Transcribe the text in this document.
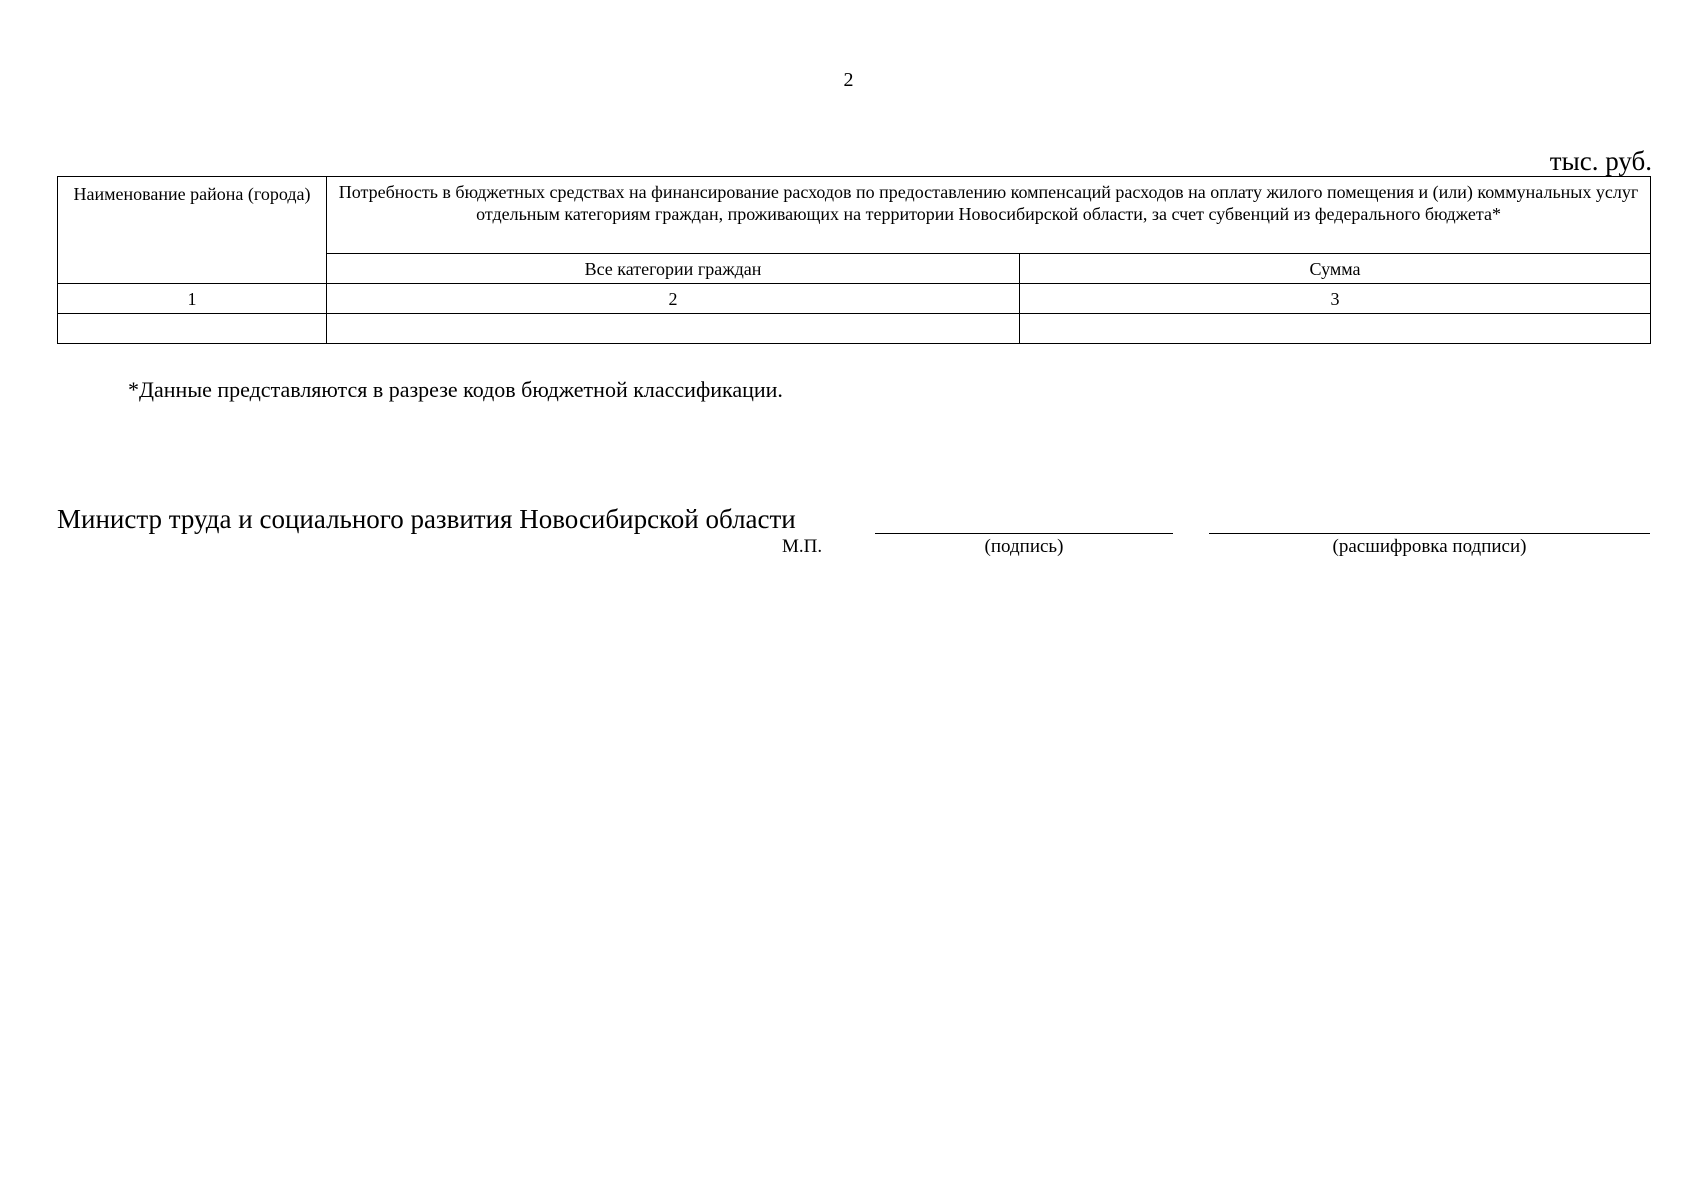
2
тыс. руб.
Наименование района (города)	Потребность в бюджетных средствах на финансирование расходов по предоставлению компенсаций расходов на оплату жилого помещения и (или) коммунальных услуг отдельным категориям граждан, проживающих на территории Новосибирской области, за счет субвенций из федерального бюджета*	
	Все категории граждан	Сумма
1	2	3

*Данные представляются в разрезе кодов бюджетной классификации.
Министр труда и социального развития Новосибирской области
М.П.	(подпись)	(расшифровка подписи)
